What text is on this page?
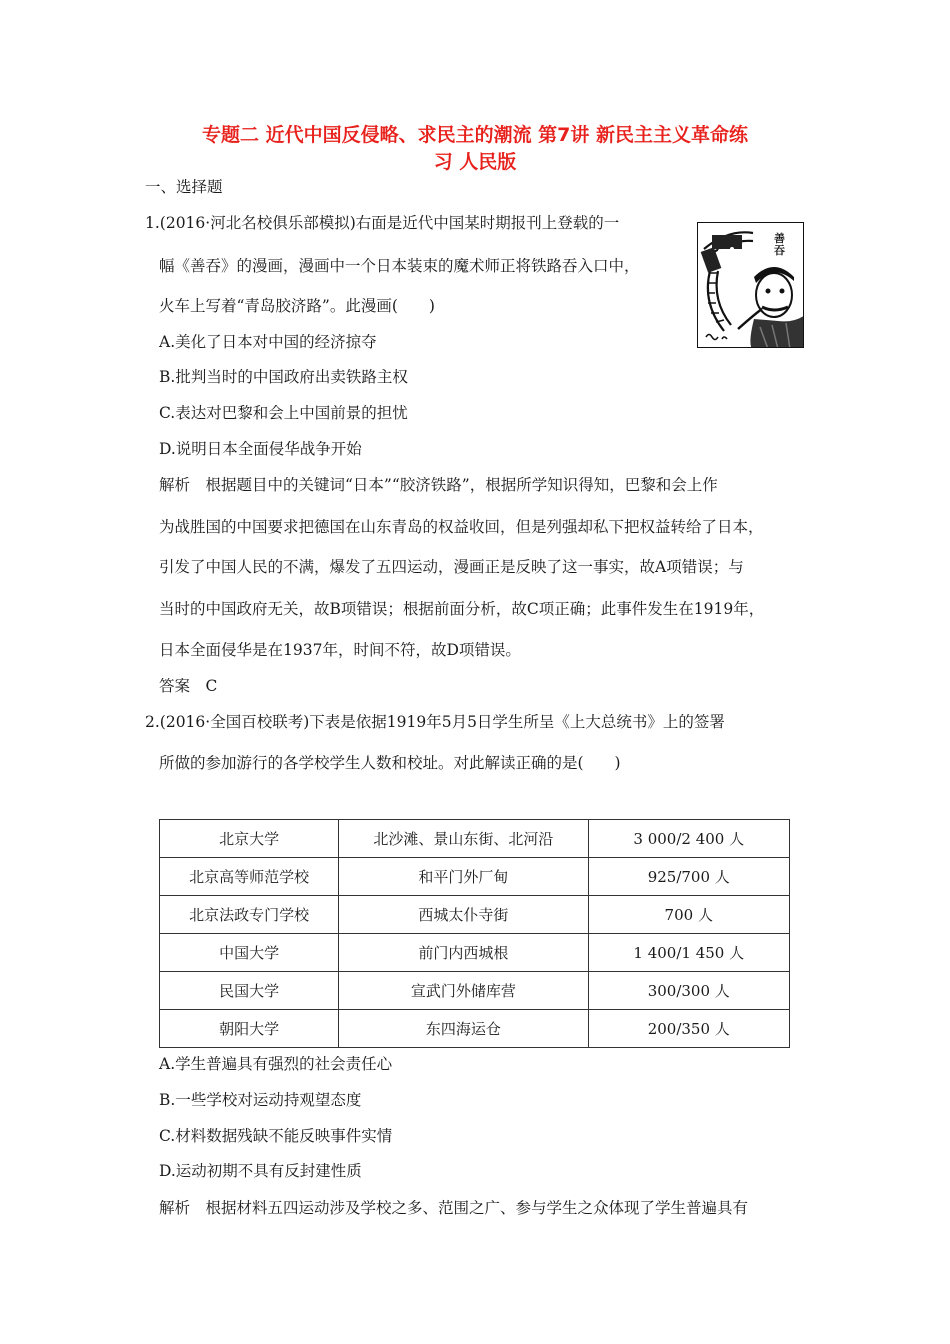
专题二 近代中国反侵略、求民主的潮流 第7讲 新民主主义革命练
习 人民版
一、选择题
1.(2016·河北名校俱乐部模拟)右面是近代中国某时期报刊上登载的一
幅《善吞》的漫画，漫画中一个日本装束的魔术师正将铁路吞入口中，
火车上写着“青岛胶济路”。此漫画(　　)
善吞
A.美化了日本对中国的经济掠夺
B.批判当时的中国政府出卖铁路主权
C.表达对巴黎和会上中国前景的担忧
D.说明日本全面侵华战争开始
解析　根据题目中的关键词“日本”“胶济铁路”，根据所学知识得知，巴黎和会上作
为战胜国的中国要求把德国在山东青岛的权益收回，但是列强却私下把权益转给了日本，
引发了中国人民的不满，爆发了五四运动，漫画正是反映了这一事实，故A项错误；与
当时的中国政府无关，故B项错误；根据前面分析，故C项正确；此事件发生在1919年，
日本全面侵华是在1937年，时间不符，故D项错误。
答案　C
2.(2016·全国百校联考)下表是依据1919年5月5日学生所呈《上大总统书》上的签署
所做的参加游行的各学校学生人数和校址。对此解读正确的是(　　)
北京大学	北沙滩、景山东街、北河沿	3 000/2 400 人
北京高等师范学校	和平门外厂甸	925/700 人
北京法政专门学校	西城太仆寺街	700 人
中国大学	前门内西城根	1 400/1 450 人
民国大学	宣武门外储库营	300/300 人
朝阳大学	东四海运仓	200/350 人
A.学生普遍具有强烈的社会责任心
B.一些学校对运动持观望态度
C.材料数据残缺不能反映事件实情
D.运动初期不具有反封建性质
解析　根据材料五四运动涉及学校之多、范围之广、参与学生之众体现了学生普遍具有
